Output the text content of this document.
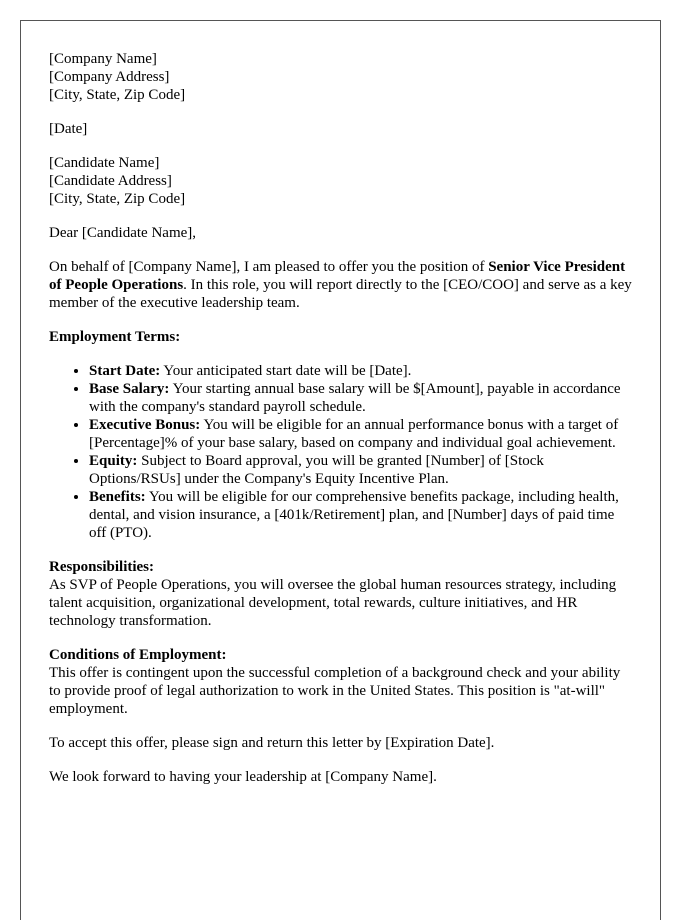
[Company Name]
[Company Address]
[City, State, Zip Code]

[Date]

[Candidate Name]
[Candidate Address]
[City, State, Zip Code]

Dear [Candidate Name],

On behalf of [Company Name], I am pleased to offer you the position of Senior Vice President of People Operations. In this role, you will report directly to the [CEO/COO] and serve as a key member of the executive leadership team.

Employment Terms:

• Start Date: Your anticipated start date will be [Date].
• Base Salary: Your starting annual base salary will be $[Amount], payable in accordance with the company's standard payroll schedule.
• Executive Bonus: You will be eligible for an annual performance bonus with a target of [Percentage]% of your base salary, based on company and individual goal achievement.
• Equity: Subject to Board approval, you will be granted [Number] of [Stock Options/RSUs] under the Company's Equity Incentive Plan.
• Benefits: You will be eligible for our comprehensive benefits package, including health, dental, and vision insurance, a [401k/Retirement] plan, and [Number] days of paid time off (PTO).

Responsibilities:
As SVP of People Operations, you will oversee the global human resources strategy, including talent acquisition, organizational development, total rewards, culture initiatives, and HR technology transformation.

Conditions of Employment:
This offer is contingent upon the successful completion of a background check and your ability to provide proof of legal authorization to work in the United States. This position is "at-will" employment.

To accept this offer, please sign and return this letter by [Expiration Date].

We look forward to having your leadership at [Company Name].
